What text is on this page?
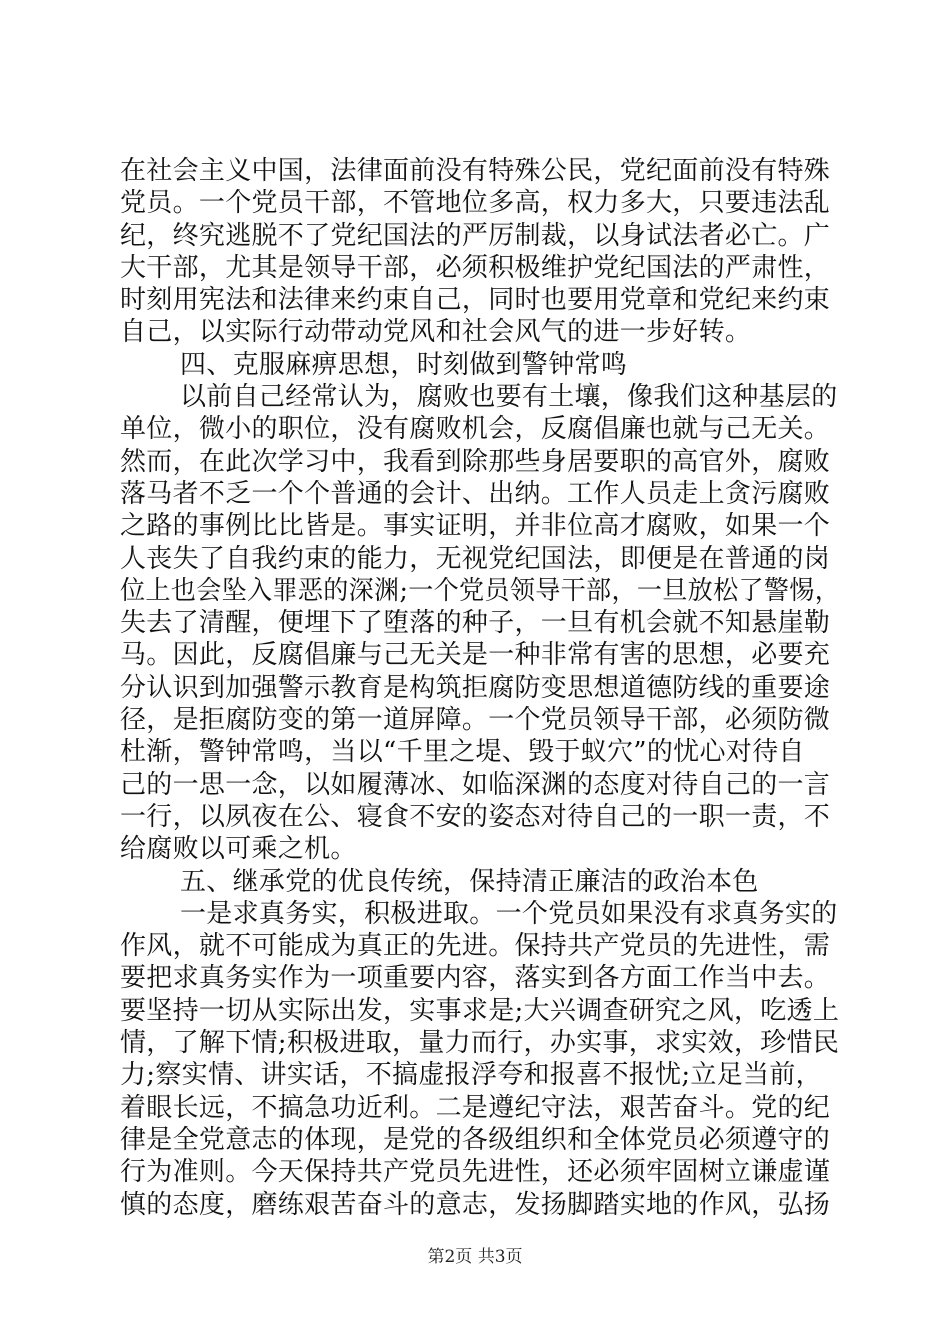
在社会主义中国，法律面前没有特殊公民，党纪面前没有特殊
党员。一个党员干部，不管地位多高，权力多大，只要违法乱
纪，终究逃脱不了党纪国法的严厉制裁，以身试法者必亡。广
大干部，尤其是领导干部，必须积极维护党纪国法的严肃性，
时刻用宪法和法律来约束自己，同时也要用党章和党纪来约束
自己，以实际行动带动党风和社会风气的进一步好转。
四、克服麻痹思想，时刻做到警钟常鸣
以前自己经常认为，腐败也要有土壤，像我们这种基层的
单位，微小的职位，没有腐败机会，反腐倡廉也就与己无关。
然而，在此次学习中，我看到除那些身居要职的高官外，腐败
落马者不乏一个个普通的会计、出纳。工作人员走上贪污腐败
之路的事例比比皆是。事实证明，并非位高才腐败，如果一个
人丧失了自我约束的能力，无视党纪国法，即便是在普通的岗
位上也会坠入罪恶的深渊;一个党员领导干部，一旦放松了警惕，
失去了清醒，便埋下了堕落的种子，一旦有机会就不知悬崖勒
马。因此，反腐倡廉与己无关是一种非常有害的思想，必要充
分认识到加强警示教育是构筑拒腐防变思想道德防线的重要途
径，是拒腐防变的第一道屏障。一个党员领导干部，必须防微
杜渐，警钟常鸣，当以“千里之堤、毁于蚁穴”的忧心对待自
己的一思一念，以如履薄冰、如临深渊的态度对待自己的一言
一行，以夙夜在公、寝食不安的姿态对待自己的一职一责，不
给腐败以可乘之机。
五、继承党的优良传统，保持清正廉洁的政治本色
一是求真务实，积极进取。一个党员如果没有求真务实的
作风，就不可能成为真正的先进。保持共产党员的先进性，需
要把求真务实作为一项重要内容，落实到各方面工作当中去。
要坚持一切从实际出发，实事求是;大兴调查研究之风，吃透上
情，了解下情;积极进取，量力而行，办实事，求实效，珍惜民
力;察实情、讲实话，不搞虚报浮夸和报喜不报忧;立足当前，
着眼长远，不搞急功近利。二是遵纪守法，艰苦奋斗。党的纪
律是全党意志的体现，是党的各级组织和全体党员必须遵守的
行为准则。今天保持共产党员先进性，还必须牢固树立谦虚谨
慎的态度，磨练艰苦奋斗的意志，发扬脚踏实地的作风，弘扬
第2页 共3页
